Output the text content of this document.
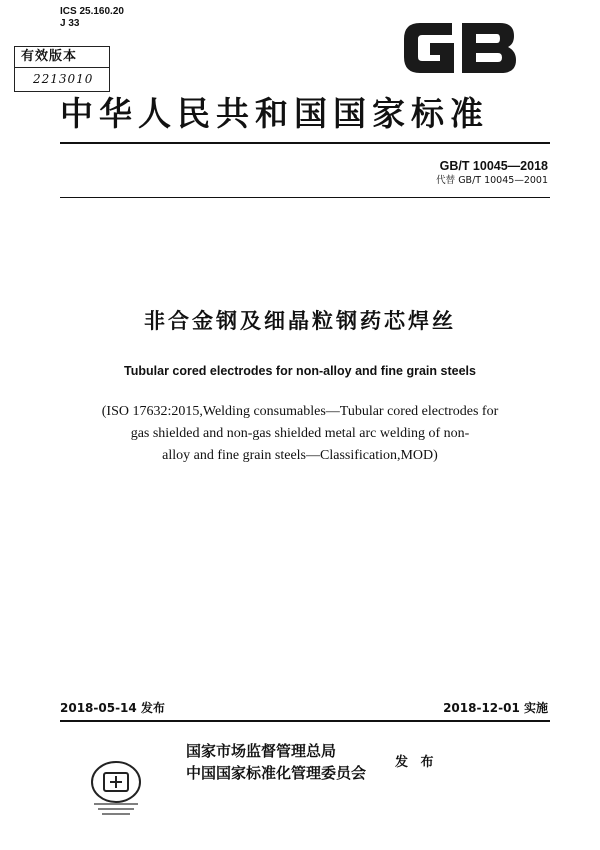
ICS 25.160.20
J 33
有效版本
2213010
中华人民共和国国家标准
GB/T 10045—2018
代替 GB/T 10045—2001
非合金钢及细晶粒钢药芯焊丝
Tubular cored electrodes for non-alloy and fine grain steels
(ISO 17632:2015,Welding consumables—Tubular cored electrodes for
gas shielded and non-gas shielded metal arc welding of non-
alloy and fine grain steels—Classification,MOD)
2018-05-14 发布	2018-12-01 实施
国家市场监督管理总局
中国国家标准化管理委员会
发 布
